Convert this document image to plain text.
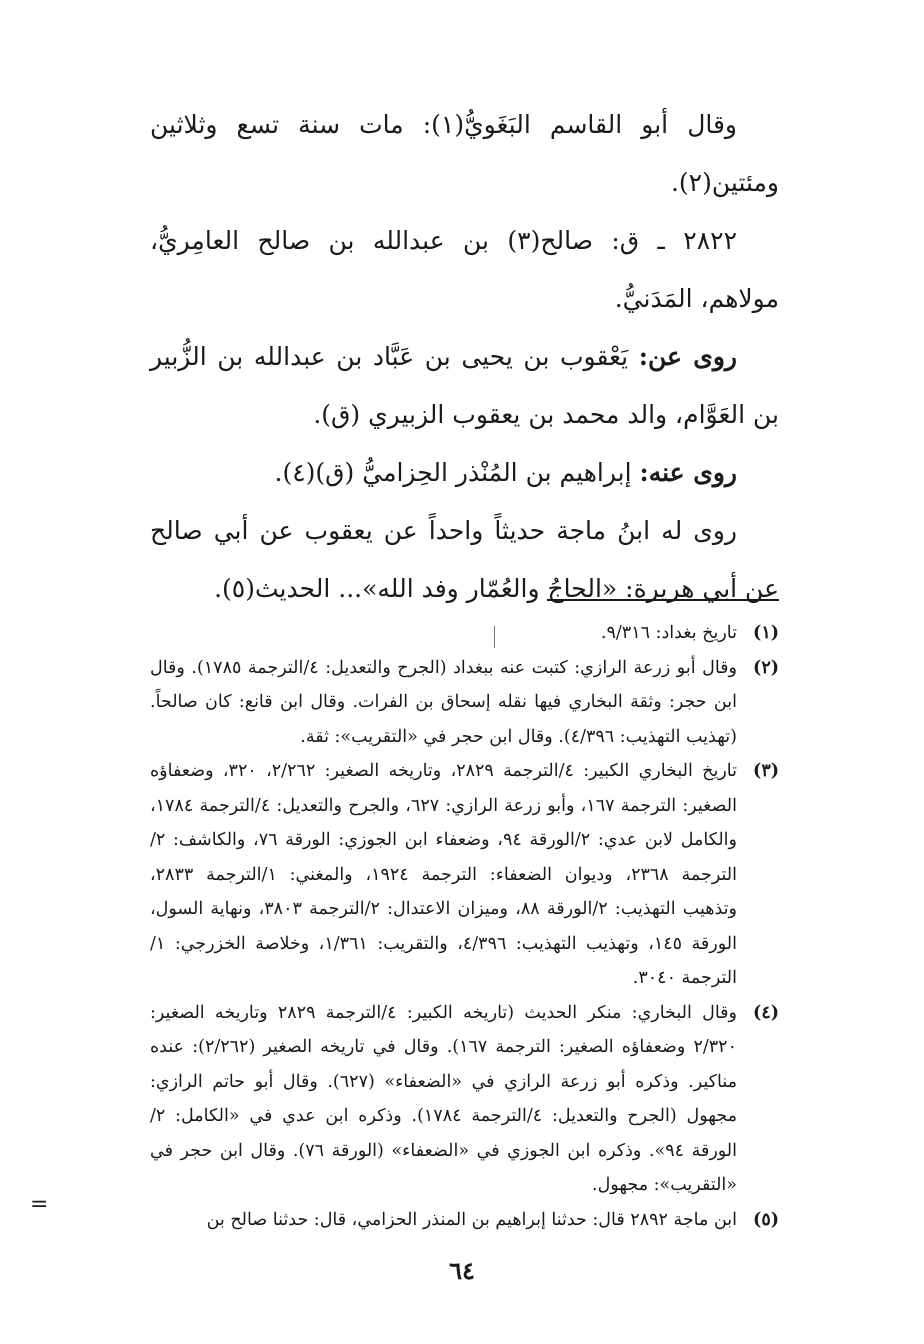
وقال أبو القاسم البَغَويُّ(١): مات سنة تسع وثلاثين ومئتين(٢).

٢٨٢٢ ـ ق: صالح(٣) بن عبدالله بن صالح العامِريُّ، مولاهم، المَدَنيُّ.

روى عن: يَعْقوب بن يحيى بن عَبَّاد بن عبدالله بن الزُّبير بن العَوَّام، والد محمد بن يعقوب الزبيري (ق).

روى عنه: إبراهيم بن المُنْذر الحِزاميُّ (ق)(٤).

روى له ابنُ ماجة حديثاً واحداً عن يعقوب عن أبي صالح عن أبي هريرة: «الحاجُ والعُمّار وفد الله»... الحديث(٥).

(١)
تاريخ بغداد: ٩/٣١٦.
(٢)
وقال أبو زرعة الرازي: كتبت عنه ببغداد (الجرح والتعديل: ٤/الترجمة ١٧٨٥). وقال ابن حجر: وثقة البخاري فيها نقله إسحاق بن الفرات. وقال ابن قانع: كان صالحاً. (تهذيب التهذيب: ٤/٣٩٦). وقال ابن حجر في «التقريب»: ثقة.
(٣)
تاريخ البخاري الكبير: ٤/الترجمة ٢٨٢٩، وتاريخه الصغير: ٢/٢٦٢، ٣٢٠، وضعفاؤه الصغير: الترجمة ١٦٧، وأبو زرعة الرازي: ٦٢٧، والجرح والتعديل: ٤/الترجمة ١٧٨٤، والكامل لابن عدي: ٢/الورقة ٩٤، وضعفاء ابن الجوزي: الورقة ٧٦، والكاشف: ٢/الترجمة ٢٣٦٨، وديوان الضعفاء: الترجمة ١٩٢٤، والمغني: ١/الترجمة ٢٨٣٣، وتذهيب التهذيب: ٢/الورقة ٨٨، وميزان الاعتدال: ٢/الترجمة ٣٨٠٣، ونهاية السول، الورقة ١٤٥، وتهذيب التهذيب: ٤/٣٩٦، والتقريب: ١/٣٦١، وخلاصة الخزرجي: ١/الترجمة ٣٠٤٠.
(٤)
وقال البخاري: منكر الحديث (تاريخه الكبير: ٤/الترجمة ٢٨٢٩ وتاريخه الصغير: ٢/٣٢٠ وضعفاؤه الصغير: الترجمة ١٦٧). وقال في تاريخه الصغير (٢/٢٦٢): عنده مناكير. وذكره أبو زرعة الرازي في «الضعفاء» (٦٢٧). وقال أبو حاتم الرازي: مجهول (الجرح والتعديل: ٤/الترجمة ١٧٨٤). وذكره ابن عدي في «الكامل: ٢/الورقة ٩٤». وذكره ابن الجوزي في «الضعفاء» (الورقة ٧٦). وقال ابن حجر في «التقريب»: مجهول.
(٥)
ابن ماجة ٢٨٩٢ قال: حدثنا إبراهيم بن المنذر الحزامي، قال: حدثنا صالح بن
=
٦٤
